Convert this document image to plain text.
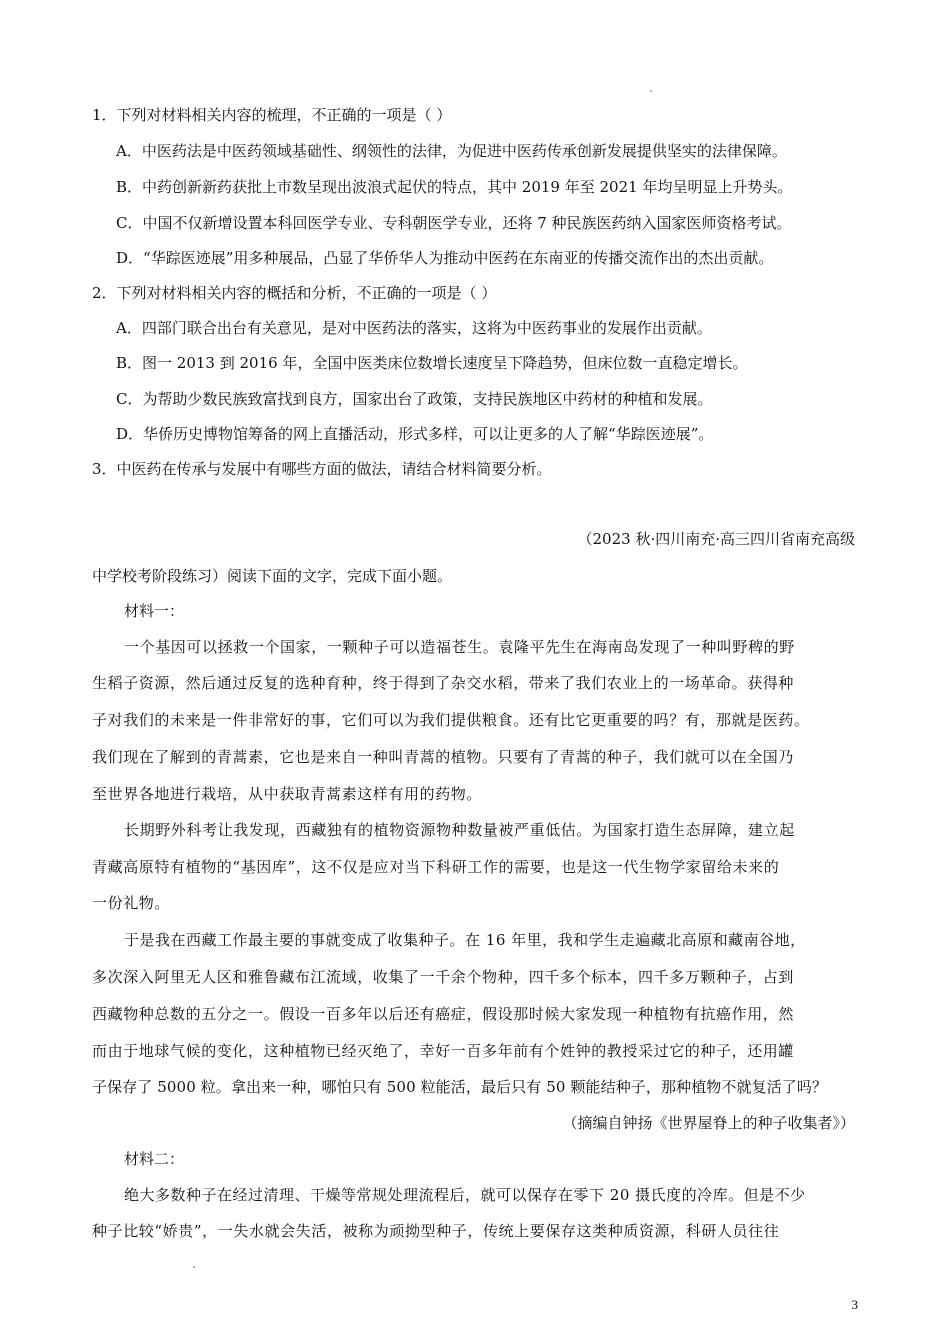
1．下列对材料相关内容的梳理，不正确的一项是（ ）
A．中医药法是中医药领域基础性、纲领性的法律，为促进中医药传承创新发展提供坚实的法律保障。
B．中药创新新药获批上市数呈现出波浪式起伏的特点，其中 2019 年至 2021 年均呈明显上升势头。
C．中国不仅新增设置本科回医学专业、专科朝医学专业，还将 7 种民族医药纳入国家医师资格考试。
D．“华踪医迹展”用多种展品，凸显了华侨华人为推动中医药在东南亚的传播交流作出的杰出贡献。
2．下列对材料相关内容的概括和分析，不正确的一项是（ ）
A．四部门联合出台有关意见，是对中医药法的落实，这将为中医药事业的发展作出贡献。
B．图一 2013 到 2016 年，全国中医类床位数增长速度呈下降趋势，但床位数一直稳定增长。
C．为帮助少数民族致富找到良方，国家出台了政策，支持民族地区中药材的种植和发展。
D．华侨历史博物馆筹备的网上直播活动，形式多样，可以让更多的人了解“华踪医迹展”。
3．中医药在传承与发展中有哪些方面的做法，请结合材料简要分析。
（2023 秋·四川南充·高三四川省南充高级
中学校考阶段练习）阅读下面的文字，完成下面小题。
材料一：
一个基因可以拯救一个国家，一颗种子可以造福苍生。袁隆平先生在海南岛发现了一种叫野稗的野
生稻子资源，然后通过反复的选种育种，终于得到了杂交水稻，带来了我们农业上的一场革命。获得种
子对我们的未来是一件非常好的事，它们可以为我们提供粮食。还有比它更重要的吗？有，那就是医药。
我们现在了解到的青蒿素，它也是来自一种叫青蒿的植物。只要有了青蒿的种子，我们就可以在全国乃
至世界各地进行栽培，从中获取青蒿素这样有用的药物。
长期野外科考让我发现，西藏独有的植物资源物种数量被严重低估。为国家打造生态屏障，建立起
青藏高原特有植物的“基因库”，这不仅是应对当下科研工作的需要，也是这一代生物学家留给未来的
一份礼物。
于是我在西藏工作最主要的事就变成了收集种子。在 16 年里，我和学生走遍藏北高原和藏南谷地，
多次深入阿里无人区和雅鲁藏布江流域，收集了一千余个物种，四千多个标本，四千多万颗种子，占到
西藏物种总数的五分之一。假设一百多年以后还有癌症，假设那时候大家发现一种植物有抗癌作用，然
而由于地球气候的变化，这种植物已经灭绝了，幸好一百多年前有个姓钟的教授采过它的种子，还用罐
子保存了 5000 粒。拿出来一种，哪怕只有 500 粒能活，最后只有 50 颗能结种子，那种植物不就复活了吗？
（摘编自钟扬《世界屋脊上的种子收集者》）
材料二：
绝大多数种子在经过清理、干燥等常规处理流程后，就可以保存在零下 20 摄氏度的冷库。但是不少
种子比较“娇贵”，一失水就会失活，被称为顽拗型种子，传统上要保存这类种质资源，科研人员往往
3
